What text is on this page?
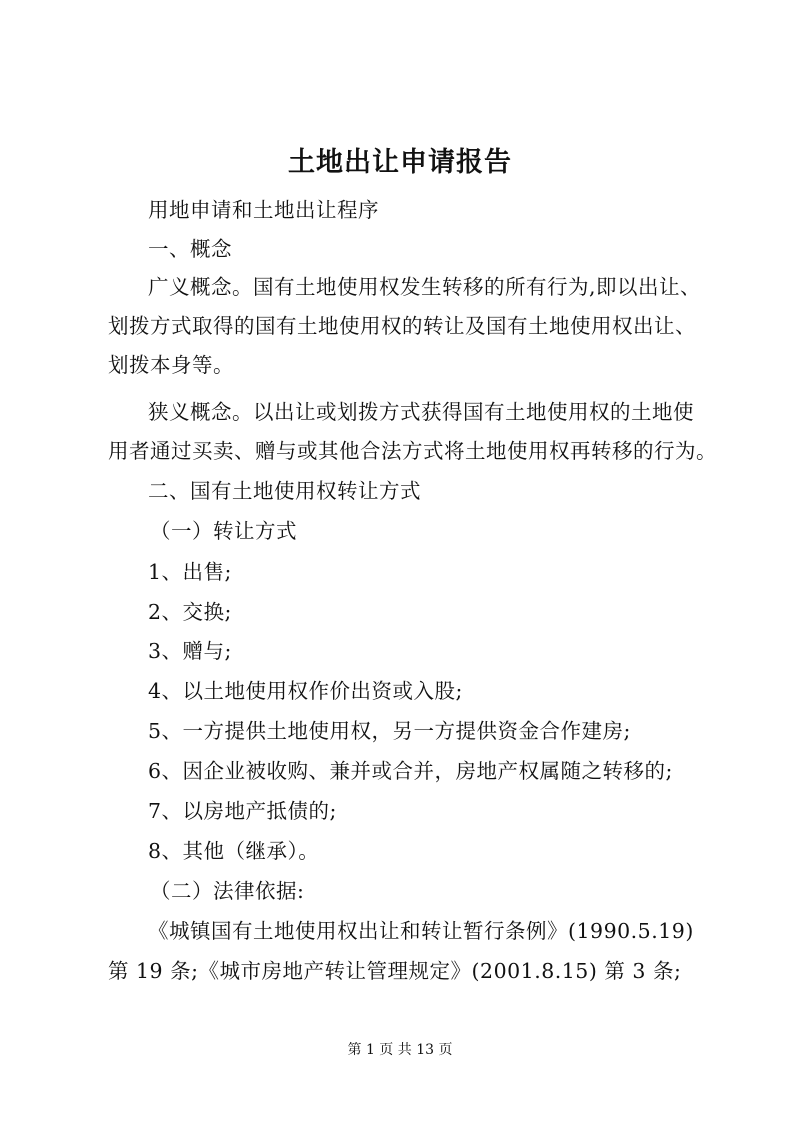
土地出让申请报告
用地申请和土地出让程序
一、概念
广义概念。国有土地使用权发生转移的所有行为,即以出让、
划拨方式取得的国有土地使用权的转让及国有土地使用权出让、
划拨本身等。
狭义概念。以出让或划拨方式获得国有土地使用权的土地使
用者通过买卖、赠与或其他合法方式将土地使用权再转移的行为。
二、国有土地使用权转让方式
（一）转让方式
1、出售;
2、交换;
3、赠与;
4、以土地使用权作价出资或入股;
5、一方提供土地使用权，另一方提供资金合作建房;
6、因企业被收购、兼并或合并，房地产权属随之转移的;
7、以房地产抵债的;
8、其他（继承）。
（二）法律依据:
《城镇国有土地使用权出让和转让暂行条例》(1990.5.19)
第 19 条;《城市房地产转让管理规定》(2001.8.15) 第 3 条;
第 1 页 共 13 页
